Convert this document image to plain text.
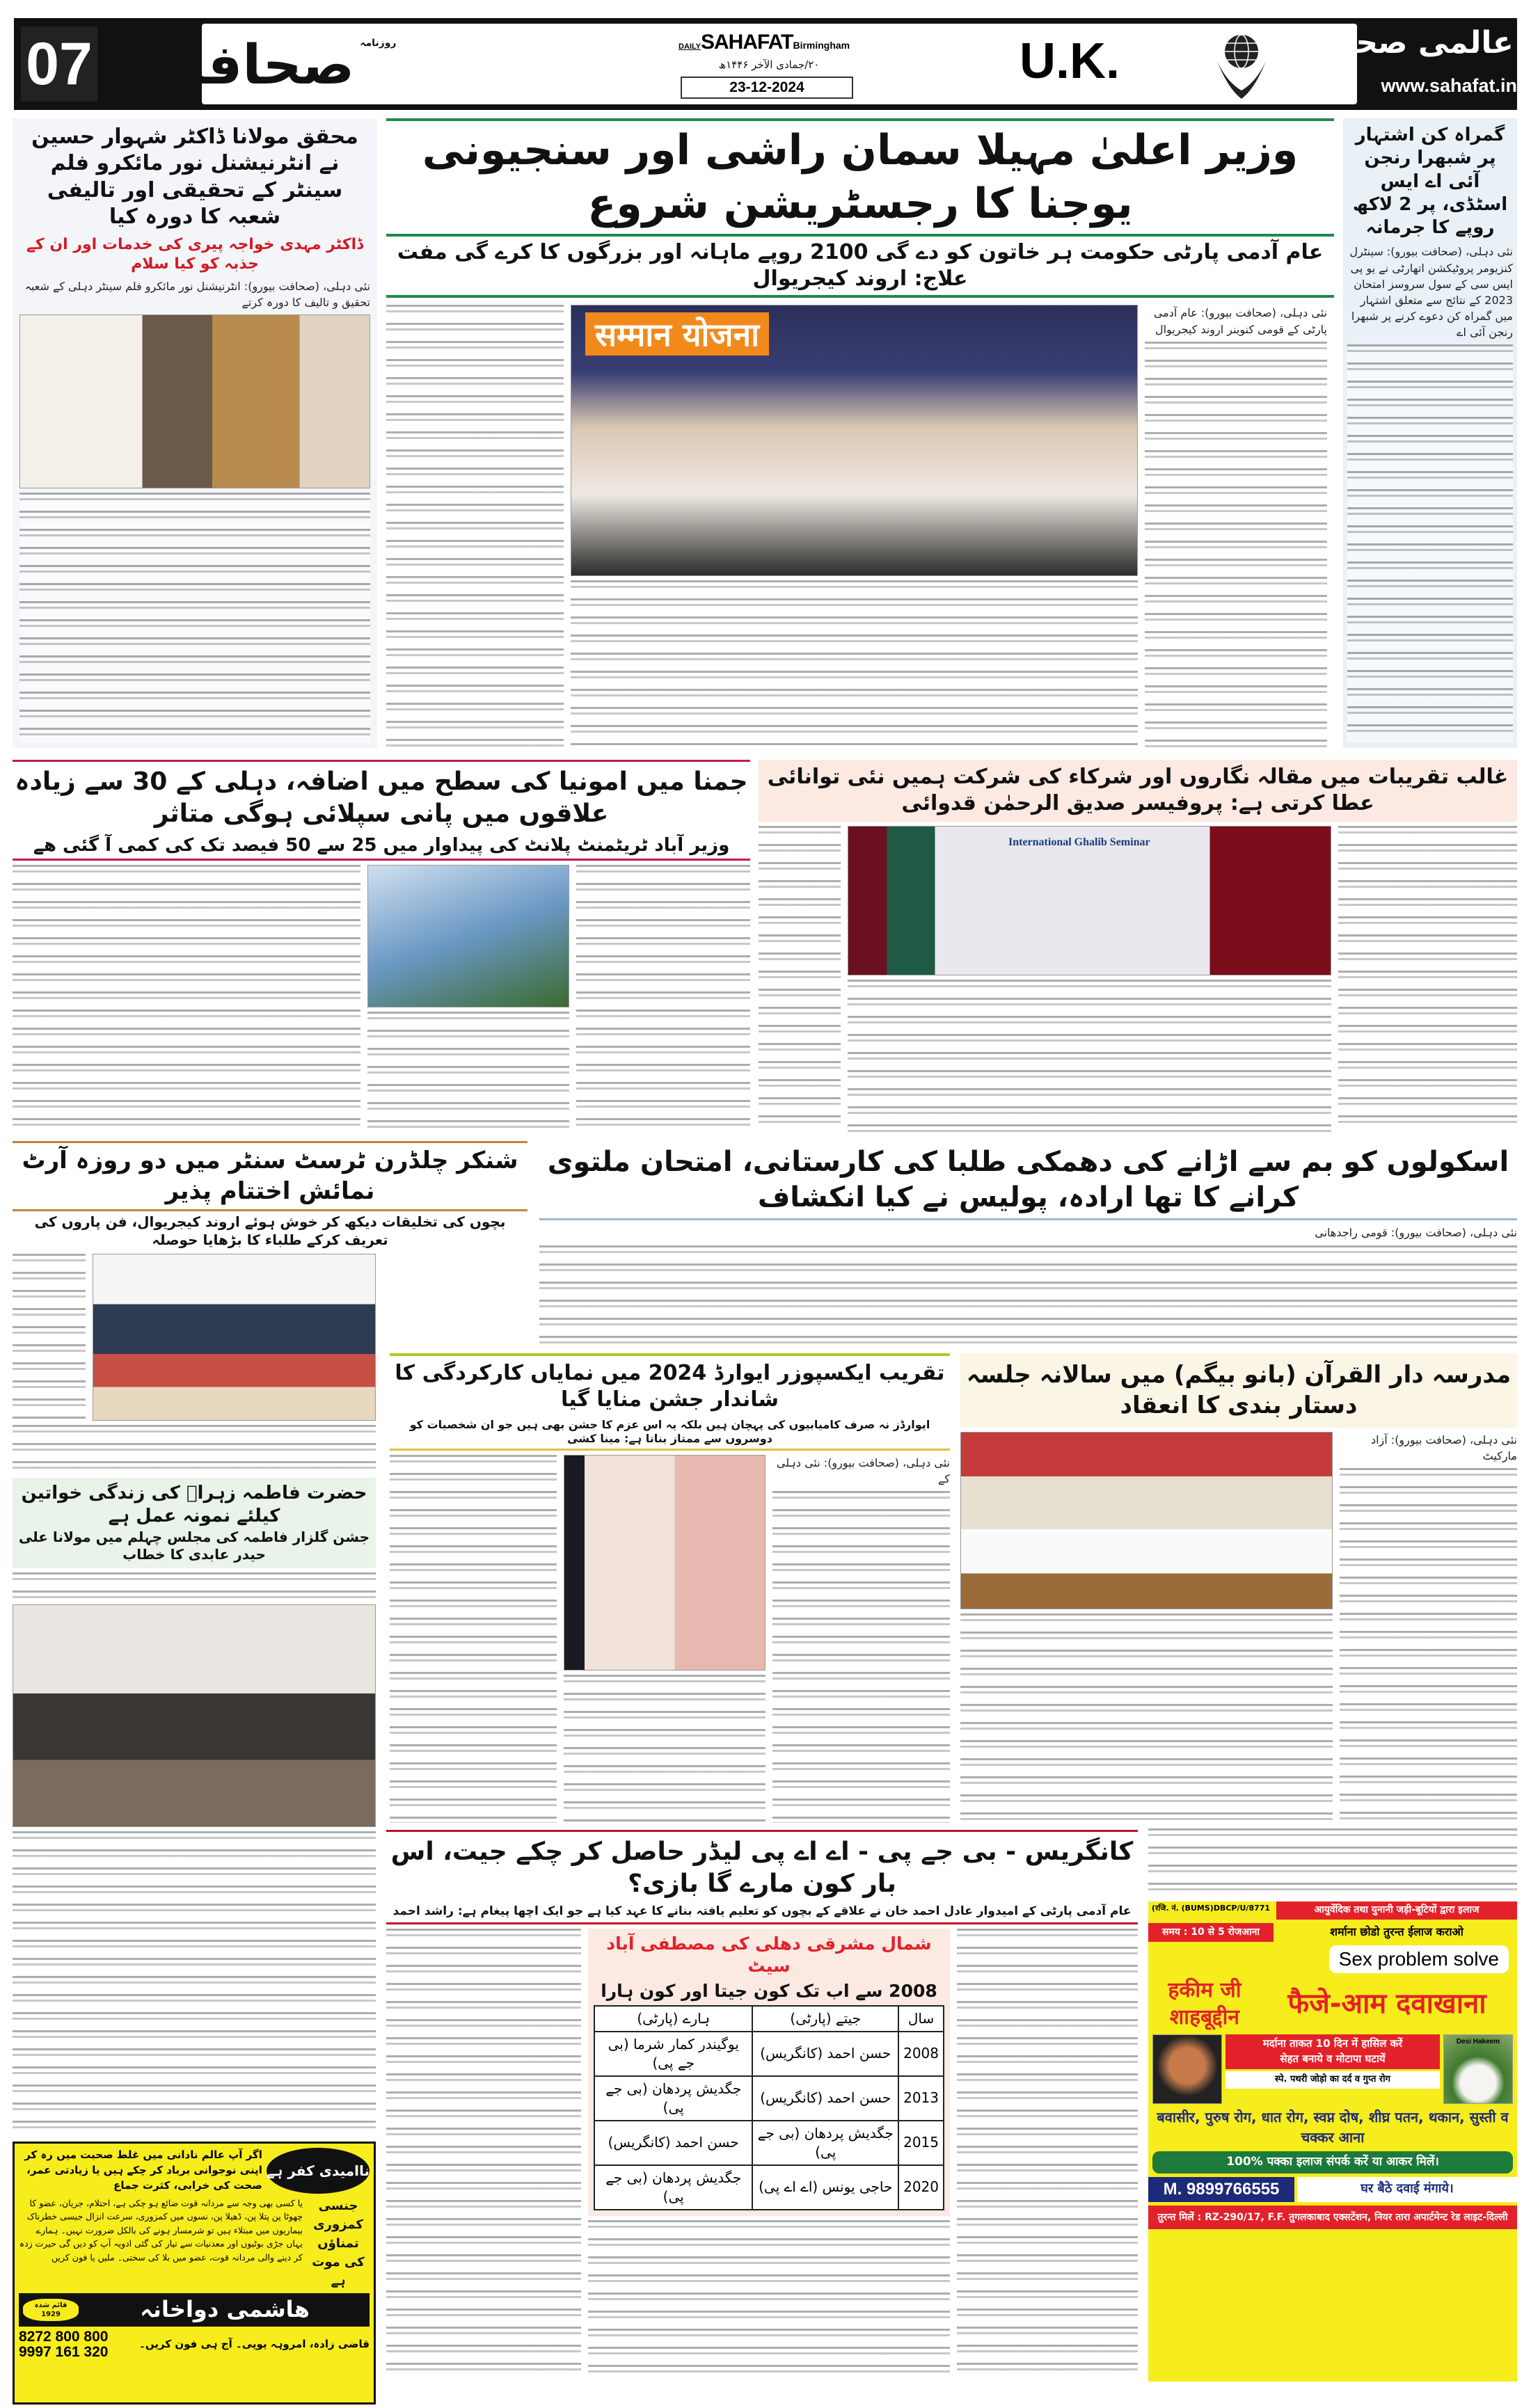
07	برمنگھم صحافت روزنامہ	DAILYSAHAFATBirmingham
۲۰/جمادی الآخر ۱۴۴۶ھ
23-12-2024	U.K.	عالمی صحافت
www.sahafat.in
محقق مولانا ڈاکٹر شہوار حسین نے انٹرنیشنل نور مائکرو فلم سینٹر کے تحقیقی اور تالیفی شعبہ کا دورہ کیا
ڈاکٹر مہدی خواجہ پیری کی خدمات اور ان کے جذبہ کو کیا سلام
نئی دہلی، (صحافت بیورو): انٹرنیشنل نور مائکرو فلم سینٹر دہلی کے شعبہ تحقیق و تالیف کا دورہ کرتے
وزیر اعلیٰ مہیلا سمان راشی اور سنجیونی یوجنا کا رجسٹریشن شروع
عام آدمی پارٹی حکومت ہر خاتون کو دے گی 2100 روپے ماہانہ اور بزرگوں کا کرے گی مفت علاج: اروند کیجریوال
सम्मान योजना
نئی دہلی، (صحافت بیورو): عام آدمی پارٹی کے قومی کنوینر اروند کیجریوال
گمراہ کن اشتہار پر شبھرا رنجن آئی اے ایس اسٹڈی، پر 2 لاکھ روپے کا جرمانہ
نئی دہلی، (صحافت بیورو): سینٹرل کنزیومر پروٹیکشن اتھارٹی نے یو پی ایس سی کے سول سروسز امتحان 2023 کے نتائج سے متعلق اشتہار میں گمراہ کن دعوے کرنے پر شبھرا رنجن آئی اے
جمنا میں امونیا کی سطح میں اضافہ، دہلی کے 30 سے زیادہ علاقوں میں پانی سپلائی ہوگی متاثر
وزیر آباد ٹریٹمنٹ پلانٹ کی پیداوار میں 25 سے 50 فیصد تک کی کمی آ گئی ھے
غالب تقریبات میں مقالہ نگاروں اور شرکاء کی شرکت ہمیں نئی توانائی عطا کرتی ہے: پروفیسر صدیق الرحمٰن قدوائی
International Ghalib Seminar
شنکر چلڈرن ٹرسٹ سنٹر میں دو روزہ آرٹ نمائش اختتام پذیر
بچوں کی تخلیقات دیکھ کر خوش ہوئے اروند کیجریوال، فن پاروں کی تعریف کرکے طلباء کا بڑھایا حوصلہ
حضرت فاطمہ زہراؑ کی زندگی خواتین کیلئے نمونہ عمل ہے
جشن گلزار فاطمہ کی مجلس چہلم میں مولانا علی حیدر عابدی کا خطاب
اسکولوں کو بم سے اڑانے کی دھمکی طلبا کی کارستانی، امتحان ملتوی کرانے کا تھا ارادہ، پولیس نے کیا انکشاف
نئی دہلی، (صحافت بیورو): قومی راجدھانی
تقریب ایکسپوزر ایوارڈ 2024 میں نمایاں کارکردگی کا شاندار جشن منایا گیا
ایوارڈز نہ صرف کامیابیوں کی پہچان ہیں بلکہ یہ اس عزم کا جشن بھی ہیں جو ان شخصیات کو دوسروں سے ممتاز بناتا ہے: مینا کشی
نئی دہلی، (صحافت بیورو): نئی دہلی کے
مدرسہ دار القرآن (بانو بیگم) میں سالانہ جلسہ دستار بندی کا انعقاد
نئی دہلی، (صحافت بیورو): آزاد مارکیٹ
کانگریس - بی جے پی - اے اے پی لیڈر حاصل کر چکے جیت، اس بار کون مارے گا بازی؟
عام آدمی پارٹی کے امیدوار عادل احمد خان نے علاقے کے بچوں کو تعلیم یافتہ بنانے کا عہد کیا ہے جو ایک اچھا پیغام ہے: راشد احمد
شمال مشرقی دھلی کی مصطفی آباد سیٹ
2008 سے اب تک کون جیتا اور کون ہارا
سال	جیتے (پارٹی)	ہارے (پارٹی)
2008	حسن احمد (کانگریس)	یوگیندر کمار شرما (بی جے پی)
2013	حسن احمد (کانگریس)	جگدیش پردھان (بی جے پی)
2015	جگدیش پردھان (بی جے پی)	حسن احمد (کانگریس)
2020	حاجی یونس (اے اے پی)	جگدیش پردھان (بی جے پی)
اگر آپ عالم نادانی میں غلط صحبت میں رہ کر اپنی نوجوانی برباد کر چکے ہیں یا زیادتی عمر، صحت کی خرابی، کثرت جماع
ناامیدی کفر ہے
یا کسی بھی وجہ سے مردانہ قوت ضائع ہو چکی ہے، احتلام، جریان، عضو کا چھوٹا پن پتلا پن، ڈھیلا پن، نسوں میں کمزوری، سرعت انزال جیسی خطرناک بیماریوں میں مبتلاء ہیں تو شرمسار ہونے کی بالکل ضرورت نہیں۔ ہمارے یہاں جڑی بوٹیوں اور معدنیات سے تیار کی گئی ادویہ آپ کو دیں گی حیرت زدہ کر دینے والی مردانہ قوت، عضو میں بلا کی سختی۔ ملیں یا فون کریں
جنسی کمزوری تمناؤں کی موت ہے
قائم شدہ 1929	ھاشمی دواخانہ
8272 800 800
9997 161 320	قاضی زادہ، امروہہ یوپی۔ آج ہی فون کریں۔
(रजि. नं. (BUMS)DBCP/U/8771	आयुर्वेदिक तथा युनानी जड़ी-बूटियों द्वारा इलाज
समय : 10 से 5 रोजआना	शर्माना छोडो तुरन्त ईलाज कराओ
Sex problem solve
हकीम जी शाहबूद्दीन	फैजे-आम दवाखाना
मर्दाना ताकत 10 दिन में हासिल करें
सेहत बनाये व मोटापा घटायें
स्पे. पथरी जोड़ो का दर्द व गुप्त रोग
Desi Hakeem
बवासीर, पुरुष रोग, धात रोग, स्वप्न दोष, शीघ्र पतन, थकान, सुस्ती व चक्कर आना
100% पक्का इलाज संपर्क करें या आकर मिलें।
M. 9899766555	घर बैठे दवाई मंगाये।
तुरन्त मिलें : RZ-290/17, F.F. तुगलकाबाद एक्सटेंशन, नियर तारा अपार्टमेन्ट रेड लाइट-दिल्ली
